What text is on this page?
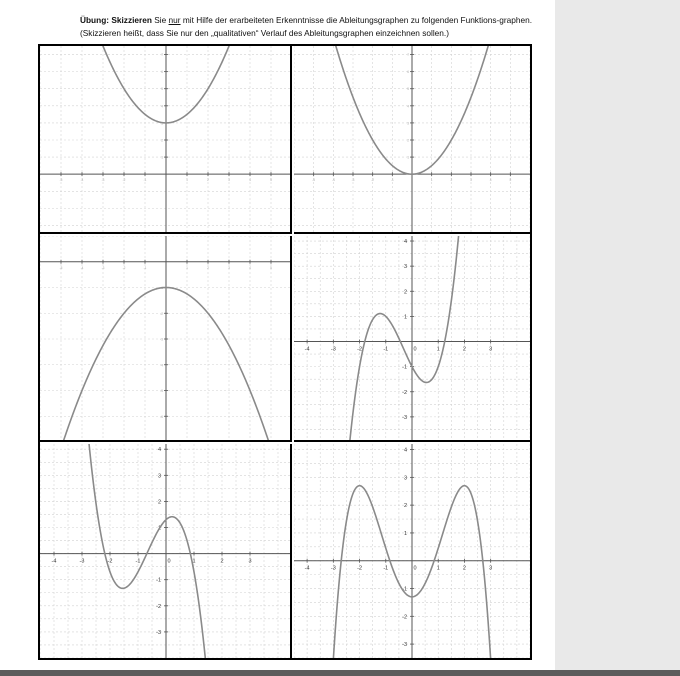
Übung: Skizzieren Sie nur mit Hilfe der erarbeiteten Erkenntnisse die Ableitungsgraphen zu folgenden Funktions-graphen. (Skizzieren heißt, dass Sie nur den „qualitativen“ Verlauf des Ableitungsgraphen einzeichnen sollen.)
-5	-4	-3	-2	-1	1	2	3	4	5
1
2
3
4
5
6
7
-5	-4	-3	-2	-1	1	2	3	4	5
1
2
3
4
5
6
7
-5	-4	-3	-2	-1	1	2	3	4	5
-6
-5
-4
-3
-2
-1
-4	-3	-2	-1	0	1	2	3
4
3
2
1
-1
-2
-3
-4	-3	-2	-1	0	1	2	3
4
3
2
1
-1
-2
-3
-4	-3	-2	-1	0	1	2	3
4
3
2
1
-1
-2
-3
